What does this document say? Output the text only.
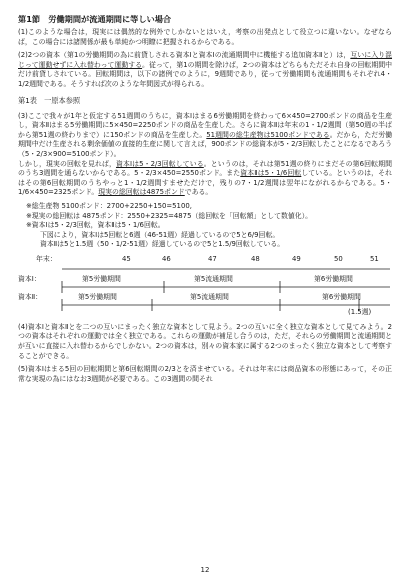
第1節　労働期間が流通期間に等しい場合

(1)このような場合は，現実には偶然的な例外でしかないとはいえ，考察の出発点として役立つに違いない。なぜならば，この場合には諸関係が最も単純かつ明瞭に把握されるからである。

(2)2つの資本（第1の労働期間の為に前貸しされる資本Ⅰと資本Ⅰの流通期間中に機能する追加資本Ⅱと）は，互いに入り混じって運動せずに入れ替わって運動する。従って，第1の期間を除けば，2つの資本はどちらもただそれ自身の回転期間中だけ前貸しされている。回転期間は，以下の諸例でのように，9週間であり，従って労働期間も流通期間もそれぞれ4・1/2週間である。そうすれば次のような年間図式が得られる。

第1表　一原本参照

(3)ここで我々が1年と仮定する51週間のうちに，資本Ⅰはまる6労働期間を終わって6×450=2700ポンドの商品を生産し，資本Ⅱはまる5労働期間に5×450=2250ポンドの商品を生産した。さらに資本Ⅱは年末の1・1/2週間（第50週の半ばから第51週の終わりまで）に150ポンドの商品を生産した。51週間の総生産物は5100ポンドである。だから，ただ労働期間中だけ生産される剰余価値の直接的生産に関して言えば，900ポンドの総資本が5・2/3回転したことになるであろう（5・2/3×900=5100ポンド）。
しかし，現実の回転を見れば，資本Ⅰは5・2/3回転している。というのは，それは第51週の終りにまだその第6回転期間のうち3週間を通らないからである。5・2/3×450=2550ポンド。また資本Ⅱは5・1/6回転している。というのは，それはその第6回転期間のうちやっと1・1/2週間すませただけで，残りの7・1/2週間は翌年にながれるからである。5・1/6×450=2325ポンド。現実の総回転は4875ポンドである。

※総生産物 5100ポンド：2700+2250+150=5100,

※現実の総回転は 4875ポンド：2550+2325=4875（総回転を「回転額」として数値化）。

※資本Ⅰは5・2/3回転，資本Ⅱは5・1/6回転。

下図により，資本Ⅰは5回転と6週（46-51週）経過しているので5と6/9回転。

資本Ⅱは5と1.5週（50・1/2-51週）経過しているので5と1.5/9回転している。

年末：	45	46	47	48	49	50	51
資本Ⅰ：	第5労働期間	第5流通期間	第6労働期間
資本Ⅱ：	第5労働期間	第5流通期間	第6労働期間
(1.5週)

(4)資本Ⅰと資本Ⅱとを二つの互いにまったく独立な資本として見よう。2つの互いに全く独立な資本として見てみよう。2つの資本はそれぞれの運動では全く独立である。これらの運動が補足し合うのは，ただ，それらの労働期間と流通期間とが互いに直接に入れ替わるからでしかない。2つの資本は，別々の資本家に属する2つのまったく独立な資本として考察することができる。

(5)資本Ⅰはまる5回の回転期間と第6回転期間の2/3とを済ませている。それは年末には商品資本の形態にあって，その正常な実現の為にはなお3週間が必要である。この3週間の間それ

12
